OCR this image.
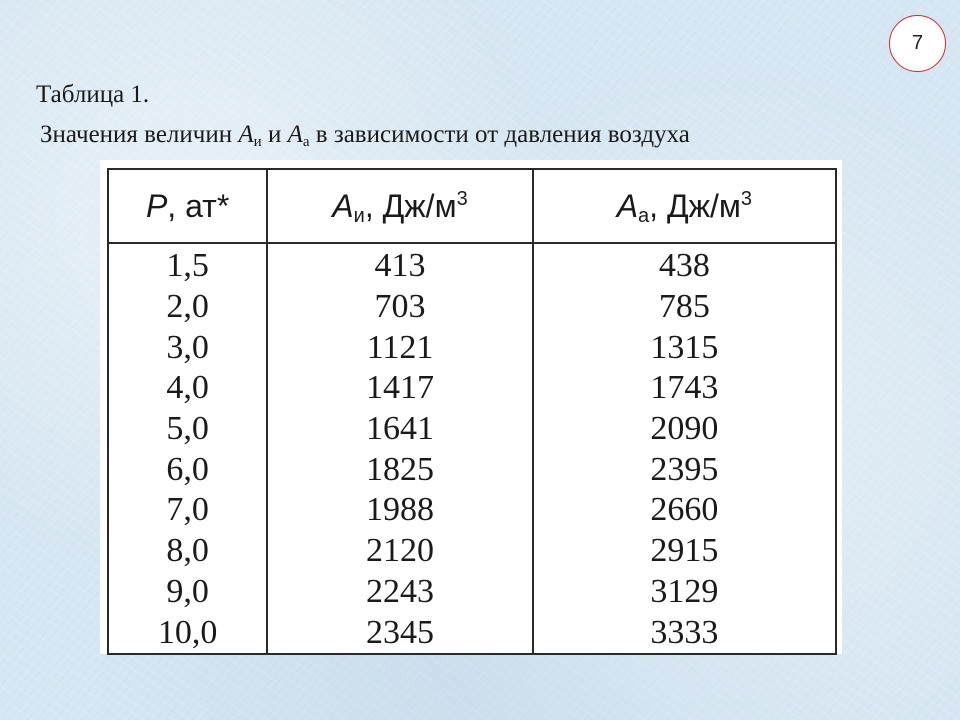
7
Таблица 1.
Значения величин $A_и$ и $A_а$ в зависимости от давления воздуха
P, ат*	$A_и$, $Дж/м^3$	$A_а$, $Дж/м^3$
1,5	413	438
2,0	703	785
3,0	1121	1315
4,0	1417	1743
5,0	1641	2090
6,0	1825	2395
7,0	1988	2660
8,0	2120	2915
9,0	2243	3129
10,0	2345	3333
